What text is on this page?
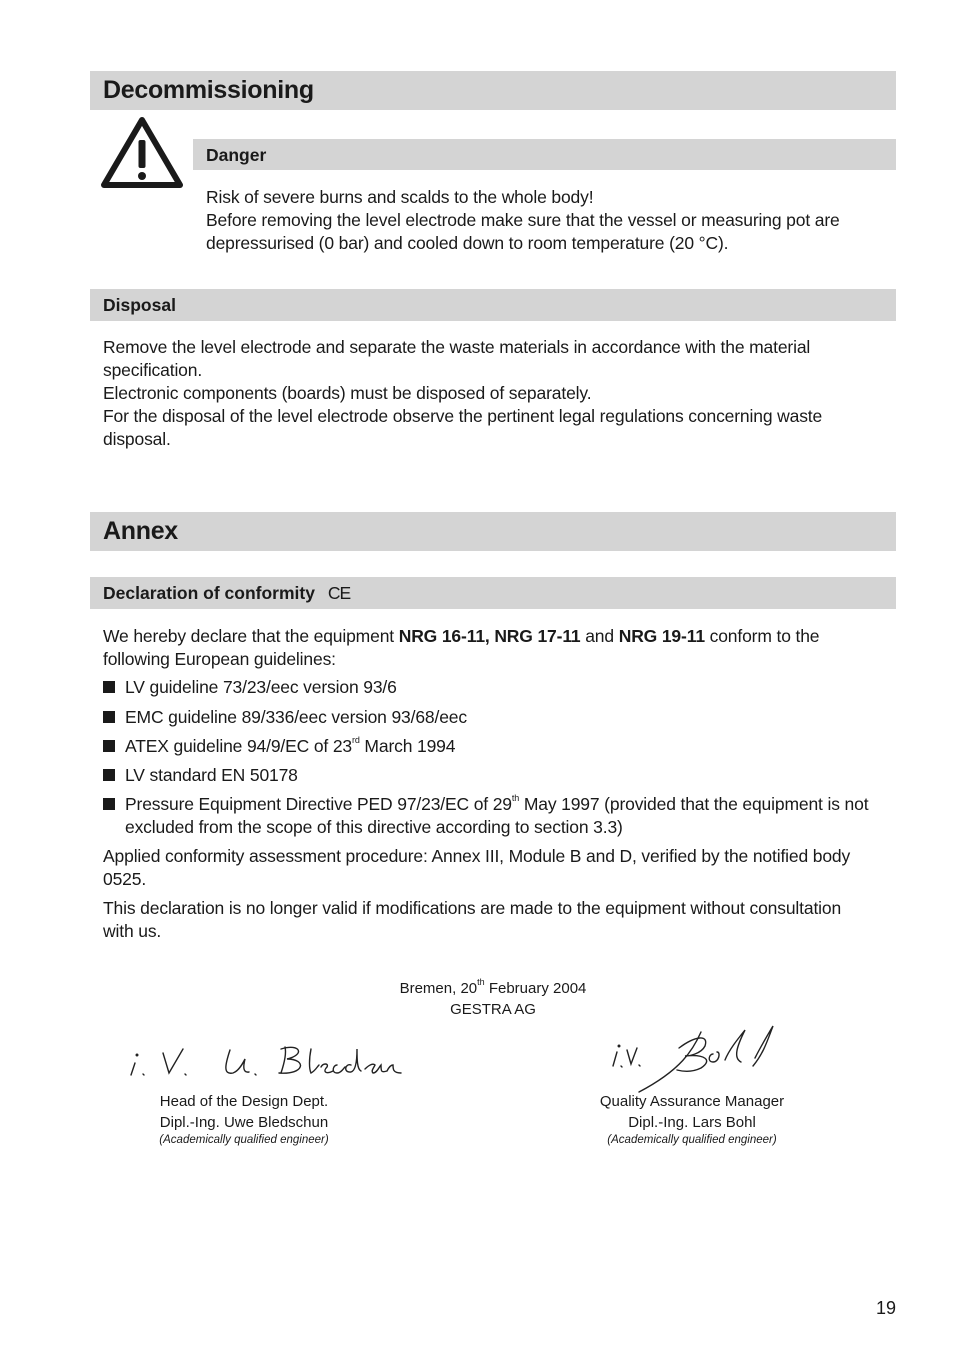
Decommissioning
Danger
Risk of severe burns and scalds to the whole body!
Before removing the level electrode make sure that the vessel or measuring pot are
depressurised (0 bar) and cooled down to room temperature (20 °C).
Disposal
Remove the level electrode and separate the waste materials in accordance with the material
specification.
Electronic components (boards) must be disposed of separately.
For the disposal of the level electrode observe the pertinent legal regulations concerning waste
disposal.
Annex
Declaration of conformity CE
We hereby declare that the equipment NRG 16-11, NRG 17-11 and NRG 19-11 conform to the
following European guidelines:
LV guideline 73/23/eec version 93/6
EMC guideline 89/336/eec version 93/68/eec
ATEX guideline 94/9/EC of 23rd March 1994
LV standard EN 50178
Pressure Equipment Directive PED 97/23/EC of 29th May 1997 (provided that the equipment is not
excluded from the scope of this directive according to section 3.3)
Applied conformity assessment procedure: Annex III, Module B and D, verified by the notified body
0525.
This declaration is no longer valid if modifications are made to the equipment without consultation
with us.
Bremen, 20th February 2004
GESTRA AG
Head of the Design Dept.
Dipl.-Ing. Uwe Bledschun
(Academically qualified engineer)
Quality Assurance Manager
Dipl.-Ing. Lars Bohl
(Academically qualified engineer)
19
